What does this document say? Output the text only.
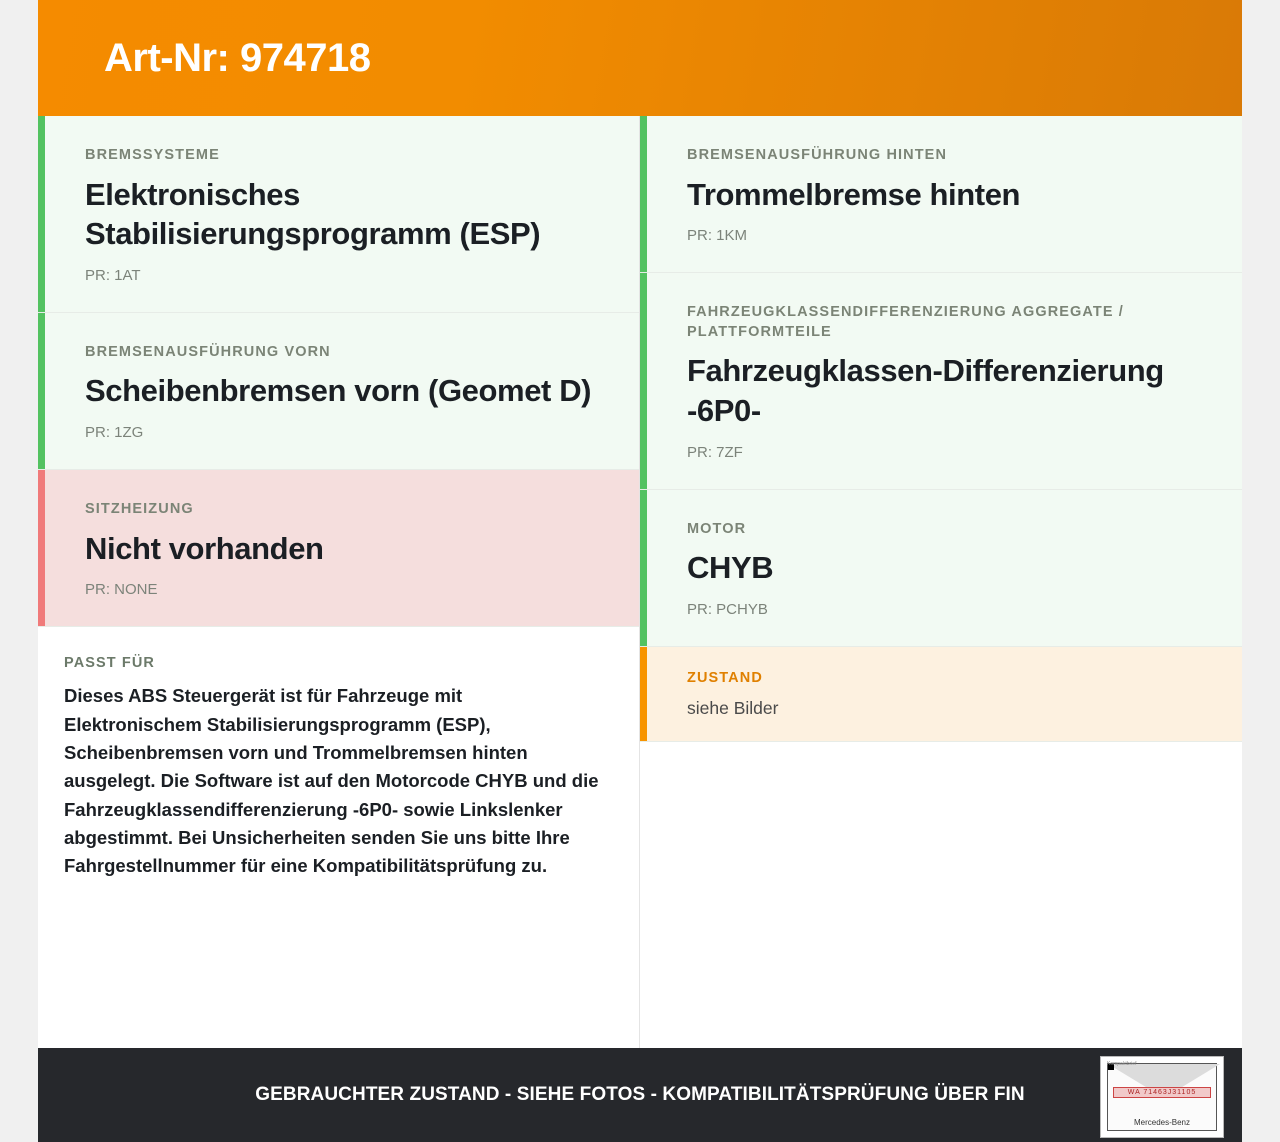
Art-Nr: 974718
BREMSSYSTEME
Elektronisches Stabilisierungsprogramm (ESP)
PR: 1AT
BREMSENAUSFÜHRUNG VORN
Scheibenbremsen vorn (Geomet D)
PR: 1ZG
SITZHEIZUNG
Nicht vorhanden
PR: NONE
PASST FÜR
Dieses ABS Steuergerät ist für Fahrzeuge mit Elektronischem Stabilisierungsprogramm (ESP), Scheibenbremsen vorn und Trommelbremsen hinten ausgelegt. Die Software ist auf den Motorcode CHYB und die Fahrzeugklassendifferenzierung -6P0- sowie Linkslenker abgestimmt. Bei Unsicherheiten senden Sie uns bitte Ihre Fahrgestellnummer für eine Kompatibilitätsprüfung zu.
BREMSENAUSFÜHRUNG HINTEN
Trommelbremse hinten
PR: 1KM
FAHRZEUGKLASSENDIFFERENZIERUNG AGGREGATE / PLATTFORMTEILE
Fahrzeugklassen-Differenzierung -6P0-
PR: 7ZF
MOTOR
CHYB
PR: PCHYB
ZUSTAND
siehe Bilder
GEBRAUCHTER ZUSTAND - SIEHE FOTOS - KOMPATIBILITÄTSPRÜFUNG ÜBER FIN
Kompaktbrief
WA 71463J31105
Mercedes-Benz
